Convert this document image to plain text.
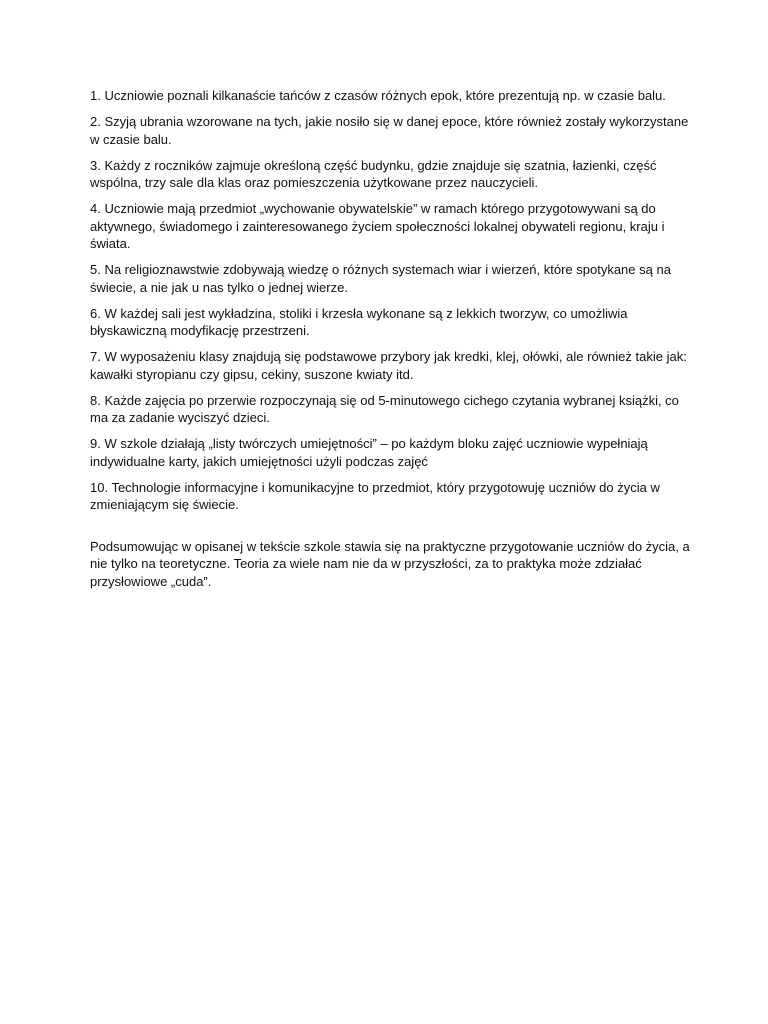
1. Uczniowie poznali kilkanaście tańców z czasów różnych epok, które prezentują np. w czasie balu.

2. Szyją ubrania wzorowane na tych, jakie nosiło się w danej epoce, które również zostały wykorzystane w czasie balu.

3. Każdy z roczników zajmuje określoną część budynku, gdzie znajduje się szatnia, łazienki, część wspólna, trzy sale dla klas oraz pomieszczenia użytkowane przez nauczycieli.

4. Uczniowie mają przedmiot „wychowanie obywatelskie” w ramach którego przygotowywani są do aktywnego, świadomego i zainteresowanego życiem społeczności lokalnej obywateli regionu, kraju i świata.

5. Na religioznawstwie zdobywają wiedzę o różnych systemach wiar i wierzeń, które spotykane są na świecie, a nie jak u nas tylko o jednej wierze.

6. W każdej sali jest wykładzina, stoliki i krzesła wykonane są z lekkich tworzyw, co umożliwia błyskawiczną modyfikację przestrzeni.

7. W wyposażeniu klasy znajdują się podstawowe przybory jak kredki, klej, ołówki, ale również takie jak: kawałki styropianu czy gipsu, cekiny, suszone kwiaty itd.

8. Każde zajęcia po przerwie rozpoczynają się od 5-minutowego cichego czytania wybranej książki, co ma za zadanie wyciszyć dzieci.

9. W szkole działają „listy twórczych umiejętności” – po każdym bloku zajęć uczniowie wypełniają indywidualne karty, jakich umiejętności użyli podczas zajęć

10. Technologie informacyjne i komunikacyjne to przedmiot, który przygotowuję uczniów do życia w zmieniającym się świecie.

Podsumowując w opisanej w tekście szkole stawia się na praktyczne przygotowanie uczniów do życia, a nie tylko na teoretyczne. Teoria za wiele nam nie da w przyszłości, za to praktyka może zdziałać przysłowiowe „cuda”.
